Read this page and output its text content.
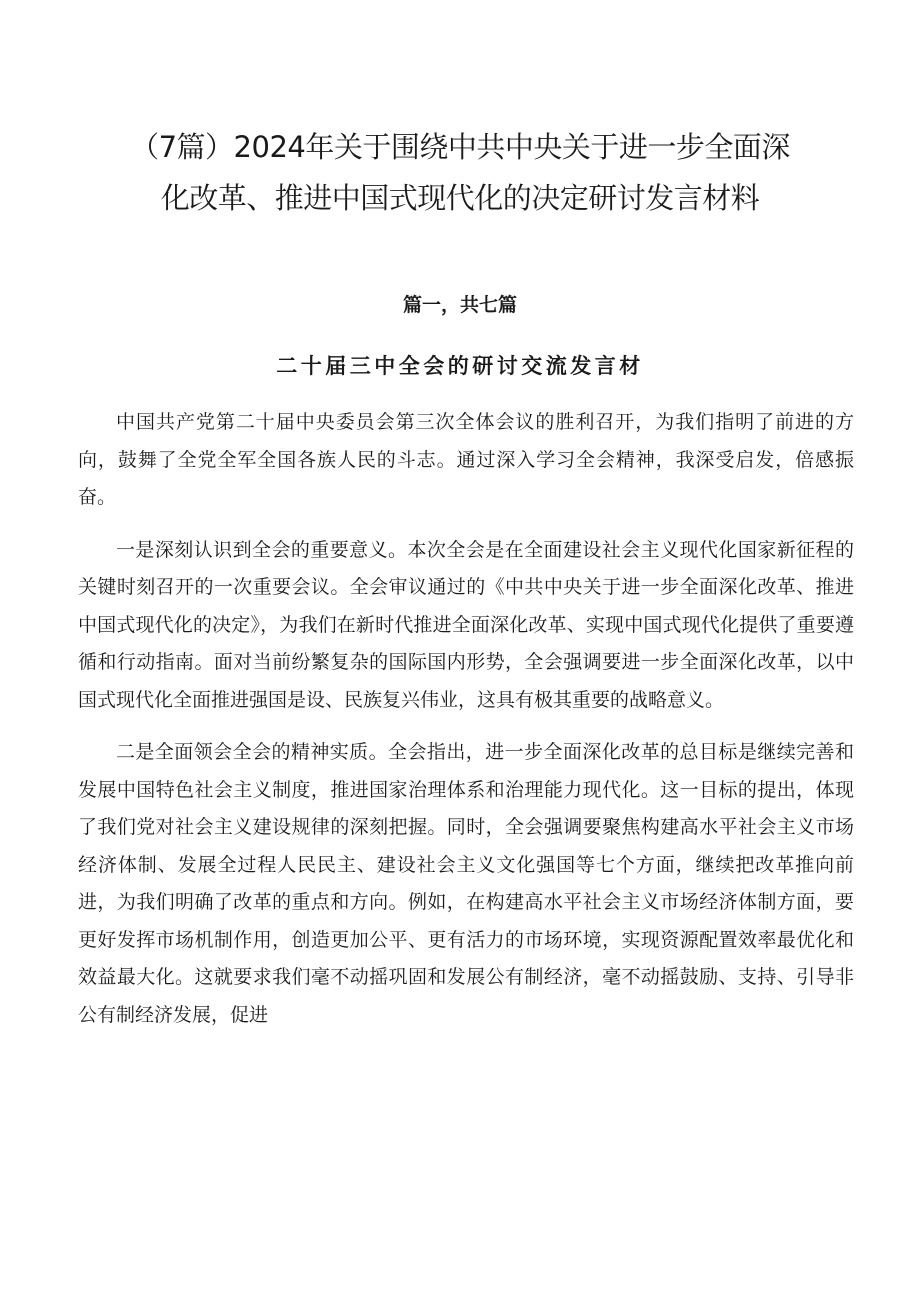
（7篇）2024年关于围绕中共中央关于进一步全面深
化改革、推进中国式现代化的决定研讨发言材料
篇一，共七篇
二十届三中全会的研讨交流发言材

中国共产党第二十届中央委员会第三次全体会议的胜利召开，为我们指明了前进的方向，鼓舞了全党全军全国各族人民的斗志。通过深入学习全会精神，我深受启发，倍感振奋。

一是深刻认识到全会的重要意义。本次全会是在全面建设社会主义现代化国家新征程的关键时刻召开的一次重要会议。全会审议通过的《中共中央关于进一步全面深化改革、推进中国式现代化的决定》，为我们在新时代推进全面深化改革、实现中国式现代化提供了重要遵循和行动指南。面对当前纷繁复杂的国际国内形势，全会强调要进一步全面深化改革，以中国式现代化全面推进强国是设、民族复兴伟业，这具有极其重要的战略意义。

二是全面领会全会的精神实质。全会指出，进一步全面深化改革的总目标是继续完善和发展中国特色社会主义制度，推进国家治理体系和治理能力现代化。这一目标的提出，体现了我们党对社会主义建设规律的深刻把握。同时，全会强调要聚焦构建高水平社会主义市场经济体制、发展全过程人民民主、建设社会主义文化强国等七个方面，继续把改革推向前进，为我们明确了改革的重点和方向。例如，在构建高水平社会主义市场经济体制方面，要更好发挥市场机制作用，创造更加公平、更有活力的市场环境，实现资源配置效率最优化和效益最大化。这就要求我们毫不动摇巩固和发展公有制经济，毫不动摇鼓励、支持、引导非公有制经济发展，促进
